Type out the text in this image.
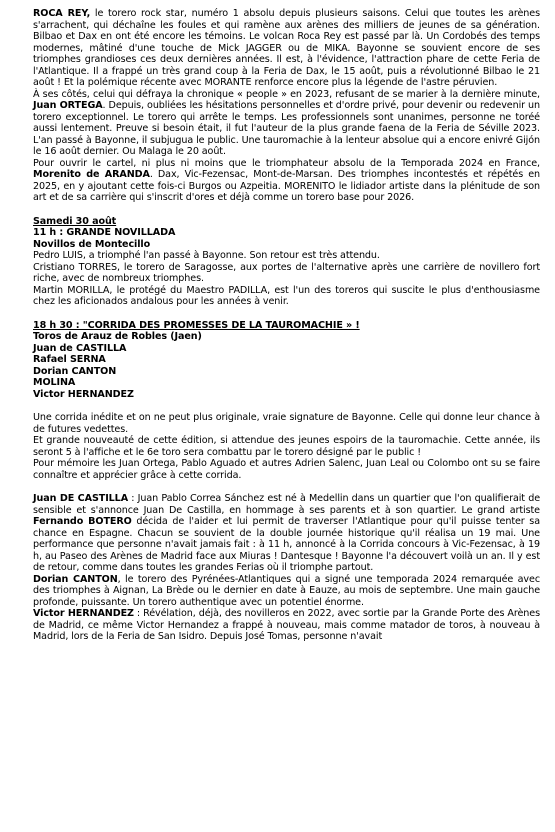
ROCA REY, le torero rock star, numéro 1 absolu depuis plusieurs saisons. Celui que toutes les arènes s'arrachent, qui déchaîne les foules et qui ramène aux arènes des milliers de jeunes de sa génération. Bilbao et Dax en ont été encore les témoins. Le volcan Roca Rey est passé par là. Un Cordobés des temps modernes, mâtiné d'une touche de Mick JAGGER ou de MIKA. Bayonne se souvient encore de ses triomphes grandioses ces deux dernières années. Il est, à l'évidence, l'attraction phare de cette Feria de l'Atlantique. Il a frappé un très grand coup à la Feria de Dax, le 15 août, puis a révolutionné Bilbao le 21 août ! Et la polémique récente avec MORANTE renforce encore plus la légende de l'astre péruvien.

À ses côtés, celui qui défraya la chronique « people » en 2023, refusant de se marier à la dernière minute, Juan ORTEGA. Depuis, oubliées les hésitations personnelles et d'ordre privé, pour devenir ou redevenir un torero exceptionnel. Le torero qui arrête le temps. Les professionnels sont unanimes, personne ne toréé aussi lentement. Preuve si besoin était, il fut l'auteur de la plus grande faena de la Feria de Séville 2023. L'an passé à Bayonne, il subjugua le public. Une tauromachie à la lenteur absolue qui a encore enivré Gijón le 16 août dernier. Ou Malaga le 20 août.

Pour ouvrir le cartel, ni plus ni moins que le triomphateur absolu de la Temporada 2024 en France, Morenito de ARANDA. Dax, Vic-Fezensac, Mont-de-Marsan. Des triomphes incontestés et répétés en 2025, en y ajoutant cette fois-ci Burgos ou Azpeitia. MORENITO le lidiador artiste dans la plénitude de son art et de sa carrière qui s'inscrit d'ores et déjà comme un torero base pour 2026.

Samedi 30 août

11 h : GRANDE NOVILLADA

Novillos de Montecillo

Pedro LUIS, a triomphé l'an passé à Bayonne. Son retour est très attendu.

Cristiano TORRES, le torero de Saragosse, aux portes de l'alternative après une carrière de novillero fort riche, avec de nombreux triomphes.

Martin MORILLA, le protégé du Maestro PADILLA, est l'un des toreros qui suscite le plus d'enthousiasme chez les aficionados andalous pour les années à venir.

18 h 30 : "CORRIDA DES PROMESSES DE LA TAUROMACHIE » !

Toros de Arauz de Robles (Jaen)

Juan de CASTILLA

Rafael SERNA

Dorian CANTON

MOLINA

Victor HERNANDEZ

Une corrida inédite et on ne peut plus originale, vraie signature de Bayonne. Celle qui donne leur chance à de futures vedettes.

Et grande nouveauté de cette édition, si attendue des jeunes espoirs de la tauromachie. Cette année, ils seront 5 à l'affiche et le 6e toro sera combattu par le torero désigné par le public !

Pour mémoire les Juan Ortega, Pablo Aguado et autres Adrien Salenc, Juan Leal ou Colombo ont su se faire connaître et apprécier grâce à cette corrida.

Juan DE CASTILLA : Juan Pablo Correa Sánchez est né à Medellin dans un quartier que l'on qualifierait de sensible et s'annonce Juan De Castilla, en hommage à ses parents et à son quartier. Le grand artiste Fernando BOTERO décida de l'aider et lui permit de traverser l'Atlantique pour qu'il puisse tenter sa chance en Espagne. Chacun se souvient de la double journée historique qu'il réalisa un 19 mai. Une performance que personne n'avait jamais fait : à 11 h, annoncé à la Corrida concours à Vic-Fezensac, à 19 h, au Paseo des Arènes de Madrid face aux Miuras ! Dantesque ! Bayonne l'a découvert voilà un an. Il y est de retour, comme dans toutes les grandes Ferias où il triomphe partout.

Dorian CANTON, le torero des Pyrénées-Atlantiques qui a signé une temporada 2024 remarquée avec des triomphes à Aignan, La Brède ou le dernier en date à Eauze, au mois de septembre. Une main gauche profonde, puissante. Un torero authentique avec un potentiel énorme.

Victor HERNANDEZ : Révélation, déjà, des novilleros en 2022, avec sortie par la Grande Porte des Arènes de Madrid, ce même Victor Hernandez a frappé à nouveau, mais comme matador de toros, à nouveau à Madrid, lors de la Feria de San Isidro. Depuis José Tomas, personne n'avait
